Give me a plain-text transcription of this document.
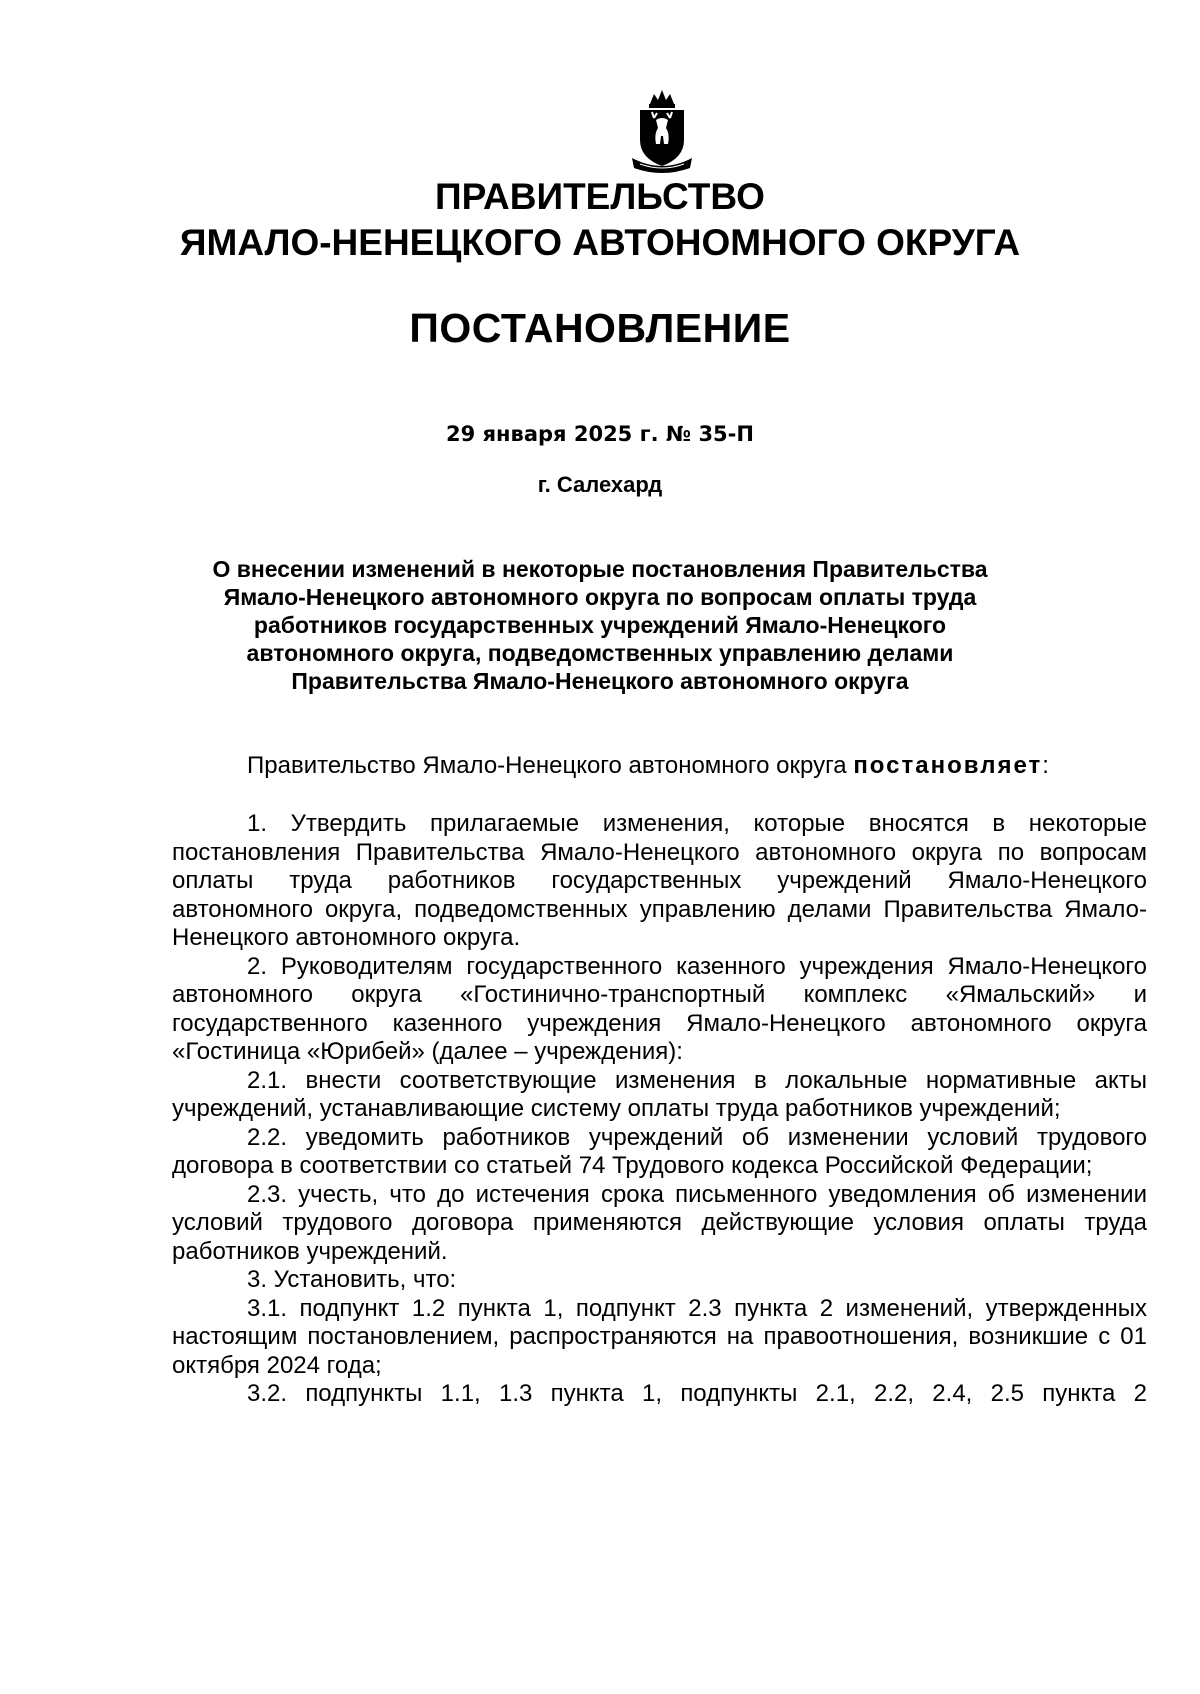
ПРАВИТЕЛЬСТВО
ЯМАЛО-НЕНЕЦКОГО АВТОНОМНОГО ОКРУГА
ПОСТАНОВЛЕНИЕ
29 января 2025 г. № 35-П
г. Салехард
О внесении изменений в некоторые постановления Правительства
Ямало-Ненецкого автономного округа по вопросам оплаты труда
работников государственных учреждений Ямало-Ненецкого
автономного округа, подведомственных управлению делами
Правительства Ямало-Ненецкого автономного округа
Правительство Ямало-Ненецкого автономного округа постановляет:

1. Утвердить прилагаемые изменения, которые вносятся в некоторые постановления Правительства Ямало-Ненецкого автономного округа по вопросам оплаты труда работников государственных учреждений Ямало-Ненецкого автономного округа, подведомственных управлению делами Правительства Ямало-Ненецкого автономного округа.

2. Руководителям государственного казенного учреждения Ямало-Ненецкого автономного округа «Гостинично-транспортный комплекс «Ямальский» и государственного казенного учреждения Ямало-Ненецкого автономного округа «Гостиница «Юрибей» (далее – учреждения):

2.1. внести соответствующие изменения в локальные нормативные акты учреждений, устанавливающие систему оплаты труда работников учреждений;

2.2. уведомить работников учреждений об изменении условий трудового договора в соответствии со статьей 74 Трудового кодекса Российской Федерации;

2.3. учесть, что до истечения срока письменного уведомления об изменении условий трудового договора применяются действующие условия оплаты труда работников учреждений.

3. Установить, что:

3.1. подпункт 1.2 пункта 1, подпункт 2.3 пункта 2 изменений, утвержденных настоящим постановлением, распространяются на правоотношения, возникшие с 01 октября 2024 года;

3.2. подпункты 1.1, 1.3 пункта 1, подпункты 2.1, 2.2, 2.4, 2.5 пункта 2
